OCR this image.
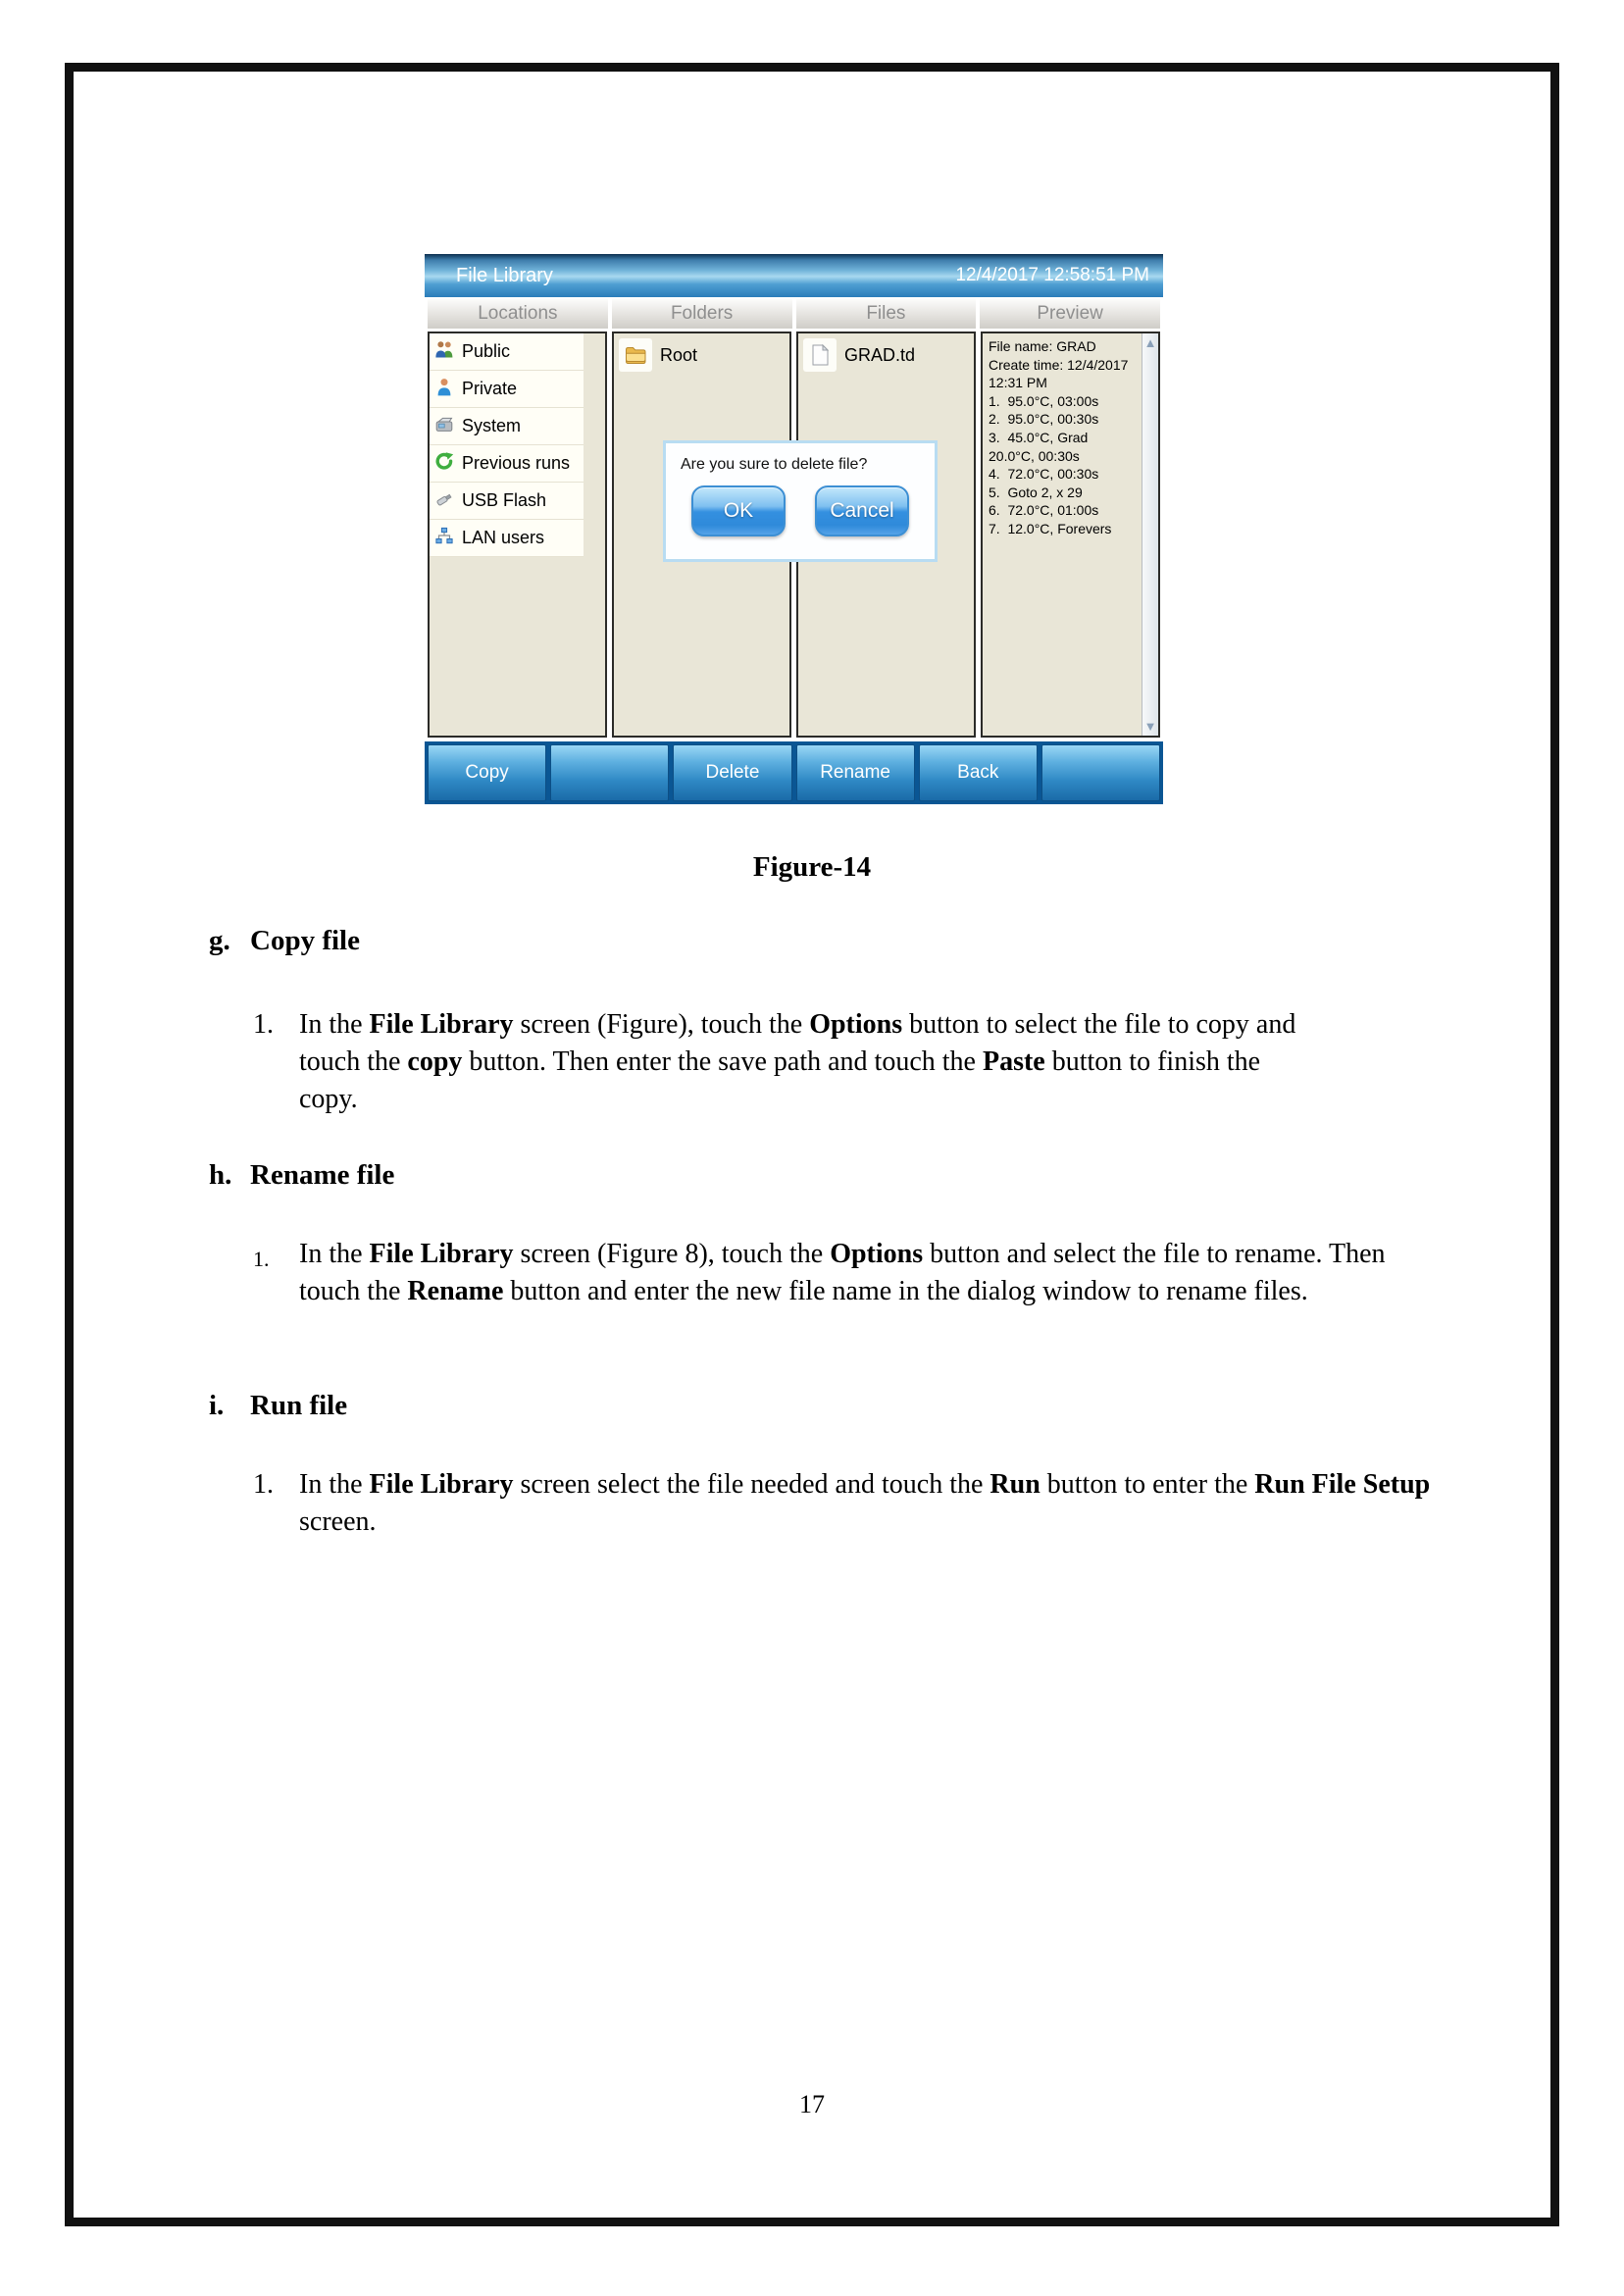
File Library	12/4/2017 12:58:51 PM
Locations	Folders	Files	Preview
Public
Private
System
Previous runs
USB Flash
LAN users
Root	GRAD.td	File name: GRAD
Create time: 12/4/2017
12:31 PM
1.  95.0°C, 03:00s
2.  95.0°C, 00:30s
3.  45.0°C, Grad
20.0°C, 00:30s
4.  72.0°C, 00:30s
5.  Goto 2, x 29
6.  72.0°C, 01:00s
7.  12.0°C, Forevers
▲
▼
Are you sure to delete file?
OK	Cancel
Copy	Delete	Rename	Back
Figure-14
g. Copy file
1. In the File Library screen (Figure), touch the Options button to select the file to copy and touch the copy button. Then enter the save path and touch the Paste button to finish the copy.
h. Rename file
1.	In the File Library screen (Figure 8), touch the Options button and select the file to rename. Then touch the Rename button and enter the new file name in the dialog window to rename files.
i. Run file
1. In the File Library screen select the file needed and touch the Run button to enter the Run File Setup screen.
17
